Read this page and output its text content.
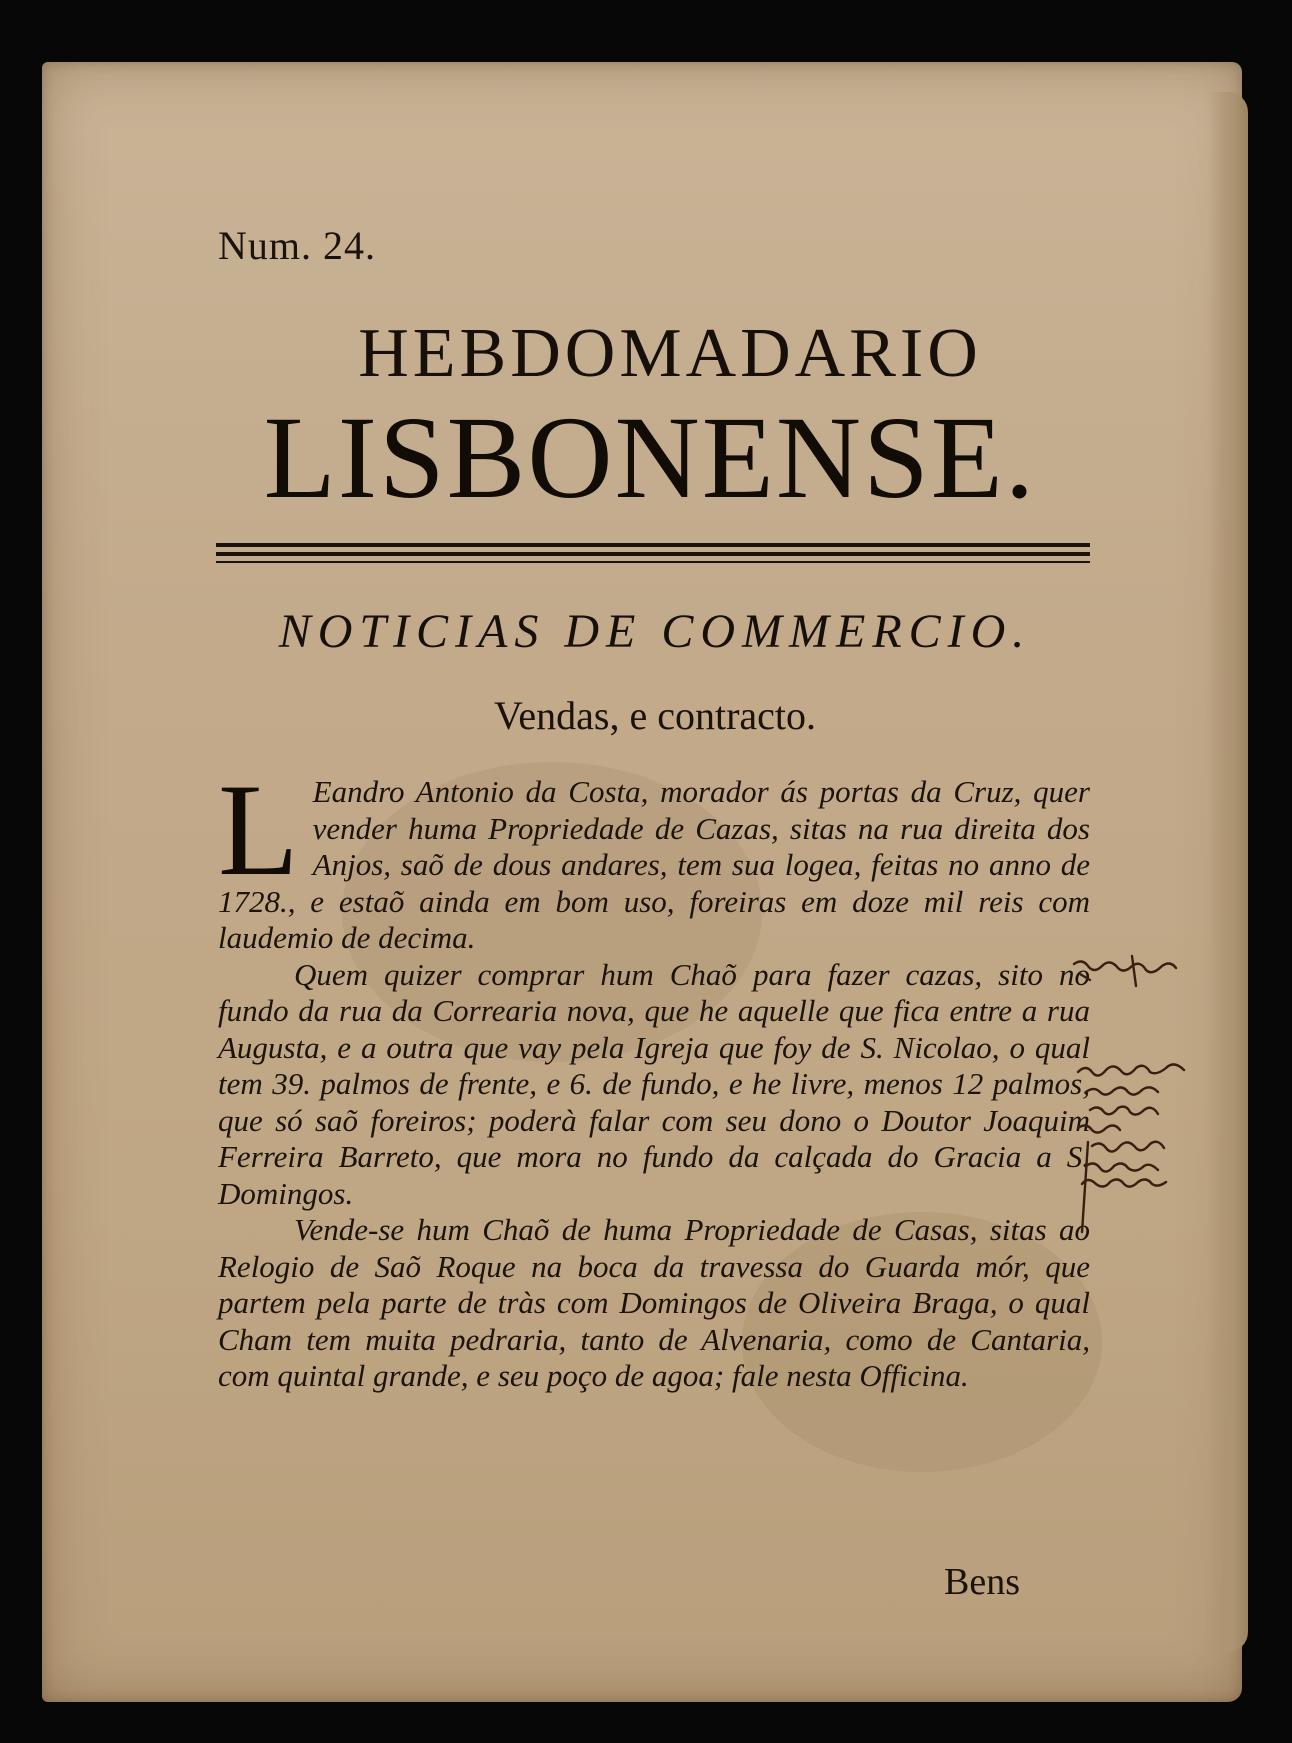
Num. 24.
HEBDOMADARIO
LISBONENSE.
NOTICIAS DE COMMERCIO.
Vendas, e contracto.

L Eandro Antonio da Costa, morador ás portas da Cruz, quer vender huma Propriedade de Cazas, sitas na rua direita dos Anjos, saõ de dous andares, tem sua logea, feitas no anno de 1728., e estaõ ainda em bom uso, foreiras em doze mil reis com laudemio de decima.

Quem quizer comprar hum Chaõ para fazer cazas, sito no fundo da rua da Correaria nova, que he aquelle que fica entre a rua Augusta, e a outra que vay pela Igreja que foy de S. Nicolao, o qual tem 39. palmos de frente, e 6. de fundo, e he livre, menos 12 palmos, que só saõ foreiros; poderà falar com seu dono o Doutor Joaquim Ferreira Barreto, que mora no fundo da calçada do Gracia a S. Domingos.

Vende-se hum Chaõ de huma Propriedade de Casas, sitas ao Relogio de Saõ Roque na boca da travessa do Guarda mór, que partem pela parte de tràs com Domingos de Oliveira Braga, o qual Cham tem muita pedraria, tanto de Alvenaria, como de Cantaria, com quintal grande, e seu poço de agoa; fale nesta Officina.

Bens
